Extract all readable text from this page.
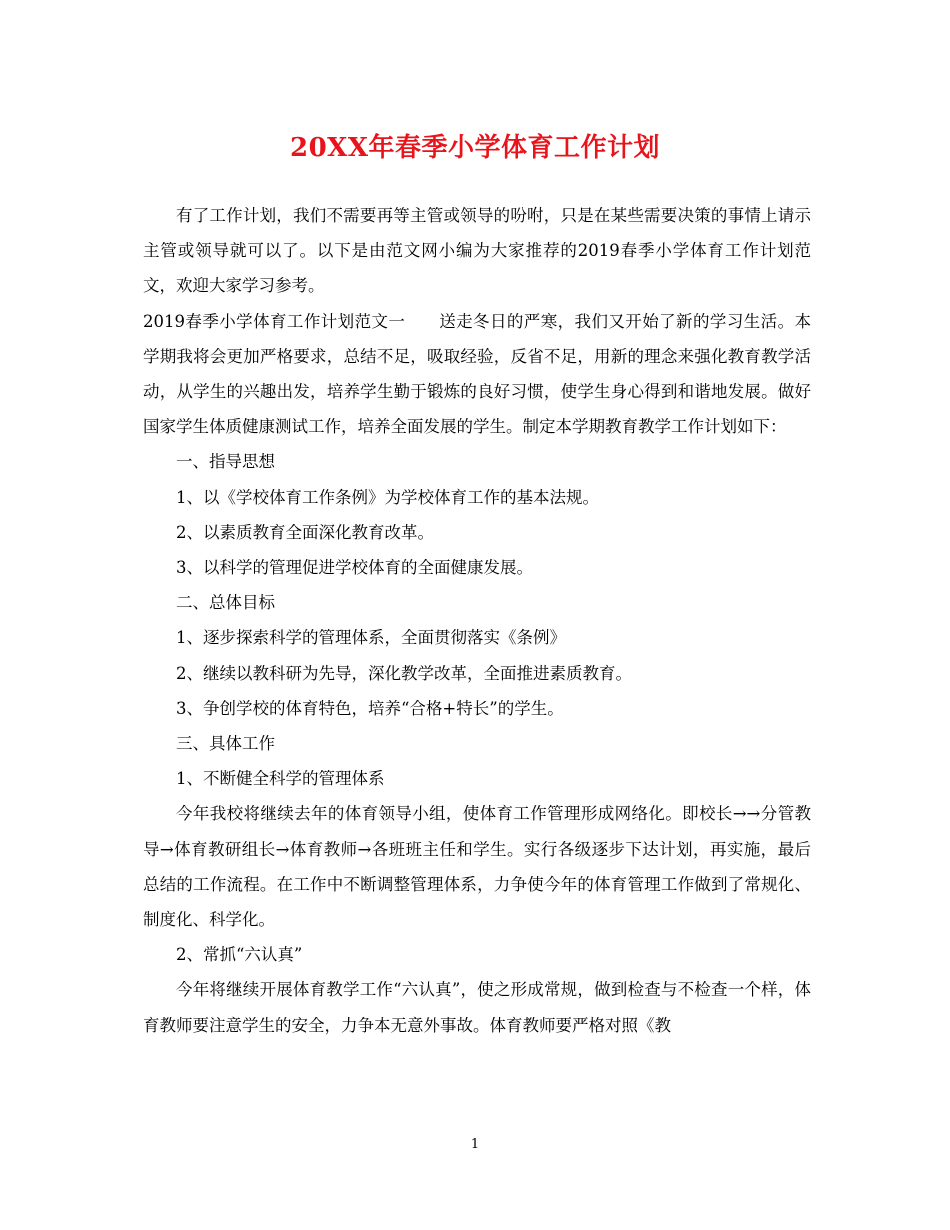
20XX年春季小学体育工作计划

有了工作计划，我们不需要再等主管或领导的吩咐，只是在某些需要决策的事情上请示主管或领导就可以了。以下是由范文网小编为大家推荐的2019春季小学体育工作计划范文，欢迎大家学习参考。

2019春季小学体育工作计划范文一　　送走冬日的严寒，我们又开始了新的学习生活。本学期我将会更加严格要求，总结不足，吸取经验，反省不足，用新的理念来强化教育教学活动，从学生的兴趣出发，培养学生勤于锻炼的良好习惯，使学生身心得到和谐地发展。做好国家学生体质健康测试工作，培养全面发展的学生。制定本学期教育教学工作计划如下：

一、指导思想

1、以《学校体育工作条例》为学校体育工作的基本法规。

2、以素质教育全面深化教育改革。

3、以科学的管理促进学校体育的全面健康发展。

二、总体目标

1、逐步探索科学的管理体系，全面贯彻落实《条例》

2、继续以教科研为先导，深化教学改革，全面推进素质教育。

3、争创学校的体育特色，培养“合格+特长”的学生。

三、具体工作

1、不断健全科学的管理体系

今年我校将继续去年的体育领导小组，使体育工作管理形成网络化。即校长→→分管教导→体育教研组长→体育教师→各班班主任和学生。实行各级逐步下达计划，再实施，最后总结的工作流程。在工作中不断调整管理体系，力争使今年的体育管理工作做到了常规化、制度化、科学化。

2、常抓“六认真”

今年将继续开展体育教学工作“六认真”，使之形成常规，做到检查与不检查一个样，体育教师要注意学生的安全，力争本无意外事故。体育教师要严格对照《教

1
